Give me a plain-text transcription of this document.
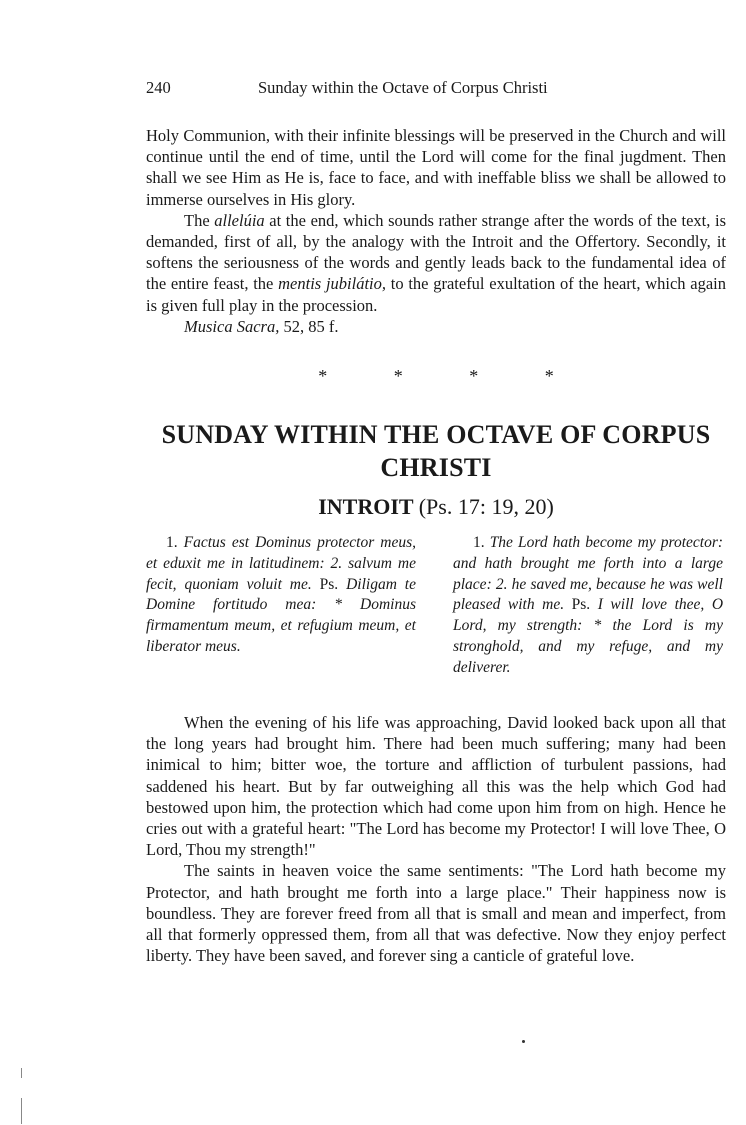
240	Sunday within the Octave of Corpus Christi

Holy Communion, with their infinite blessings will be preserved in the Church and will continue until the end of time, until the Lord will come for the final jugdment. Then shall we see Him as He is, face to face, and with ineffable bliss we shall be allowed to immerse ourselves in His glory.

The allelúia at the end, which sounds rather strange after the words of the text, is demanded, first of all, by the analogy with the Introit and the Offertory. Secondly, it softens the seriousness of the words and gently leads back to the fundamental idea of the entire feast, the mentis jubilátio, to the grateful exultation of the heart, which again is given full play in the procession.

Musica Sacra, 52, 85 f.

* * * *
SUNDAY WITHIN THE OCTAVE OF CORPUS CHRISTI
INTROIT (Ps. 17: 19, 20)
1. Factus est Dominus protector meus, et eduxit me in latitudinem: 2. salvum me fecit, quoniam voluit me. Ps. Diligam te Domine fortitudo mea: * Dominus firmamentum meum, et refugium meum, et liberator meus.
1. The Lord hath become my protector: and hath brought me forth into a large place: 2. he saved me, because he was well pleased with me. Ps. I will love thee, O Lord, my strength: * the Lord is my stronghold, and my refuge, and my deliverer.

When the evening of his life was approaching, David looked back upon all that the long years had brought him. There had been much suffering; many had been inimical to him; bitter woe, the torture and affliction of turbulent passions, had saddened his heart. But by far outweighing all this was the help which God had bestowed upon him, the protection which had come upon him from on high. Hence he cries out with a grateful heart: "The Lord has become my Protector! I will love Thee, O Lord, Thou my strength!"

The saints in heaven voice the same sentiments: "The Lord hath become my Protector, and hath brought me forth into a large place." Their happiness now is boundless. They are forever freed from all that is small and mean and imperfect, from all that formerly oppressed them, from all that was defective. Now they enjoy perfect liberty. They have been saved, and forever sing a canticle of grateful love.
